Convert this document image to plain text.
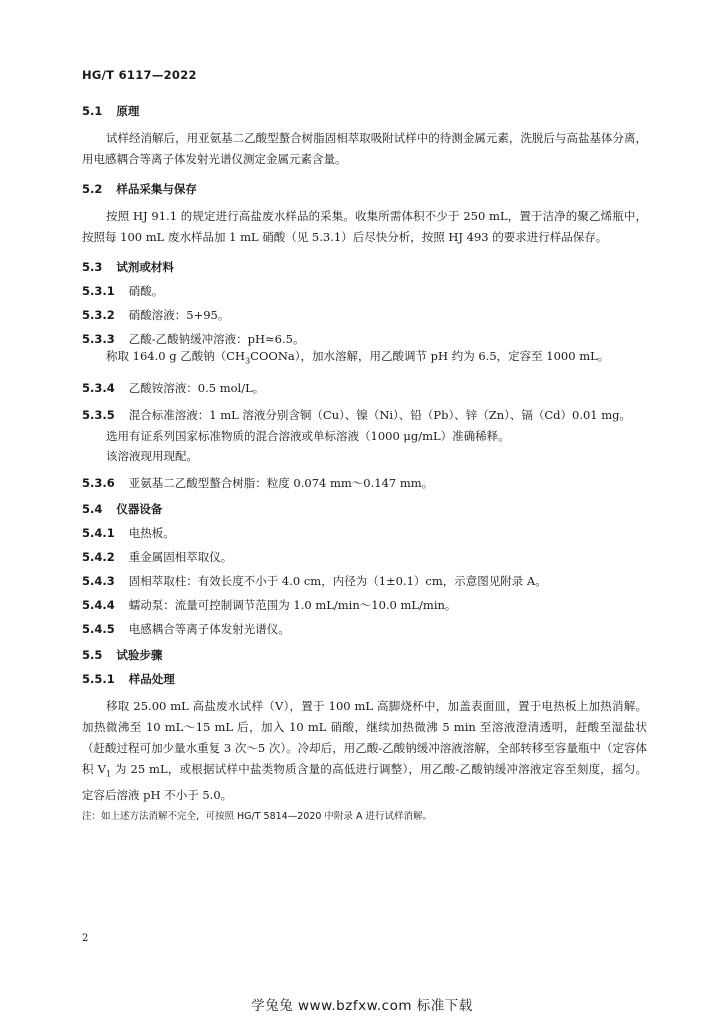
HG/T 6117—2022
5.1 原理

试样经消解后，用亚氨基二乙酸型螯合树脂固相萃取吸附试样中的待测金属元素，洗脱后与高盐基体分离，用电感耦合等离子体发射光谱仪测定金属元素含量。

5.2 样品采集与保存

按照 HJ 91.1 的规定进行高盐废水样品的采集。收集所需体积不少于 250 mL，置于洁净的聚乙烯瓶中，按照每 100 mL 废水样品加 1 mL 硝酸（见 5.3.1）后尽快分析，按照 HJ 493 的要求进行样品保存。

5.3 试剂或材料
5.3.1 硝酸。
5.3.2 硝酸溶液：5+95。
5.3.3 乙酸-乙酸钠缓冲溶液：pH≈6.5。

称取 164.0 g 乙酸钠$(CH_3COONa)$，加水溶解，用乙酸调节 pH 约为 6.5，定容至 1000 mL。

5.3.4 乙酸铵溶液：0.5 mol/L。

5.3.5 混合标准溶液：1 mL 溶液分别含铜（Cu）、镍（Ni）、铅（Pb）、锌（Zn）、镉（Cd）0.01 mg。

选用有证系列国家标准物质的混合溶液或单标溶液（1000 μg/mL）准确稀释。

该溶液现用现配。

5.3.6 亚氨基二乙酸型螯合树脂：粒度 0.074 mm～0.147 mm。
5.4 仪器设备
5.4.1 电热板。
5.4.2 重金属固相萃取仪。
5.4.3 固相萃取柱：有效长度不小于 4.0 cm，内径为（1±0.1）cm，示意图见附录 A。
5.4.4 蠕动泵：流量可控制调节范围为 1.0 mL/min～10.0 mL/min。
5.4.5 电感耦合等离子体发射光谱仪。
5.5 试验步骤
5.5.1 样品处理

移取 25.00 mL 高盐废水试样（V），置于 100 mL 高脚烧杯中，加盖表面皿，置于电热板上加热消解。加热微沸至 10 mL～15 mL 后，加入 10 mL 硝酸，继续加热微沸 5 min 至溶液澄清透明，赶酸至湿盐状（赶酸过程可加少量水重复 3 次～5 次）。冷却后，用乙酸-乙酸钠缓冲溶液溶解，全部转移至容量瓶中（定容体积 $V_1$ 为 25 mL，或根据试样中盐类物质含量的高低进行调整），用乙酸-乙酸钠缓冲溶液定容至刻度，摇匀。定容后溶液 pH 不小于 5.0。

注：如上述方法消解不完全，可按照 HG/T 5814—2020 中附录 A 进行试样消解。

2
学兔兔 www.bzfxw.com 标准下载
